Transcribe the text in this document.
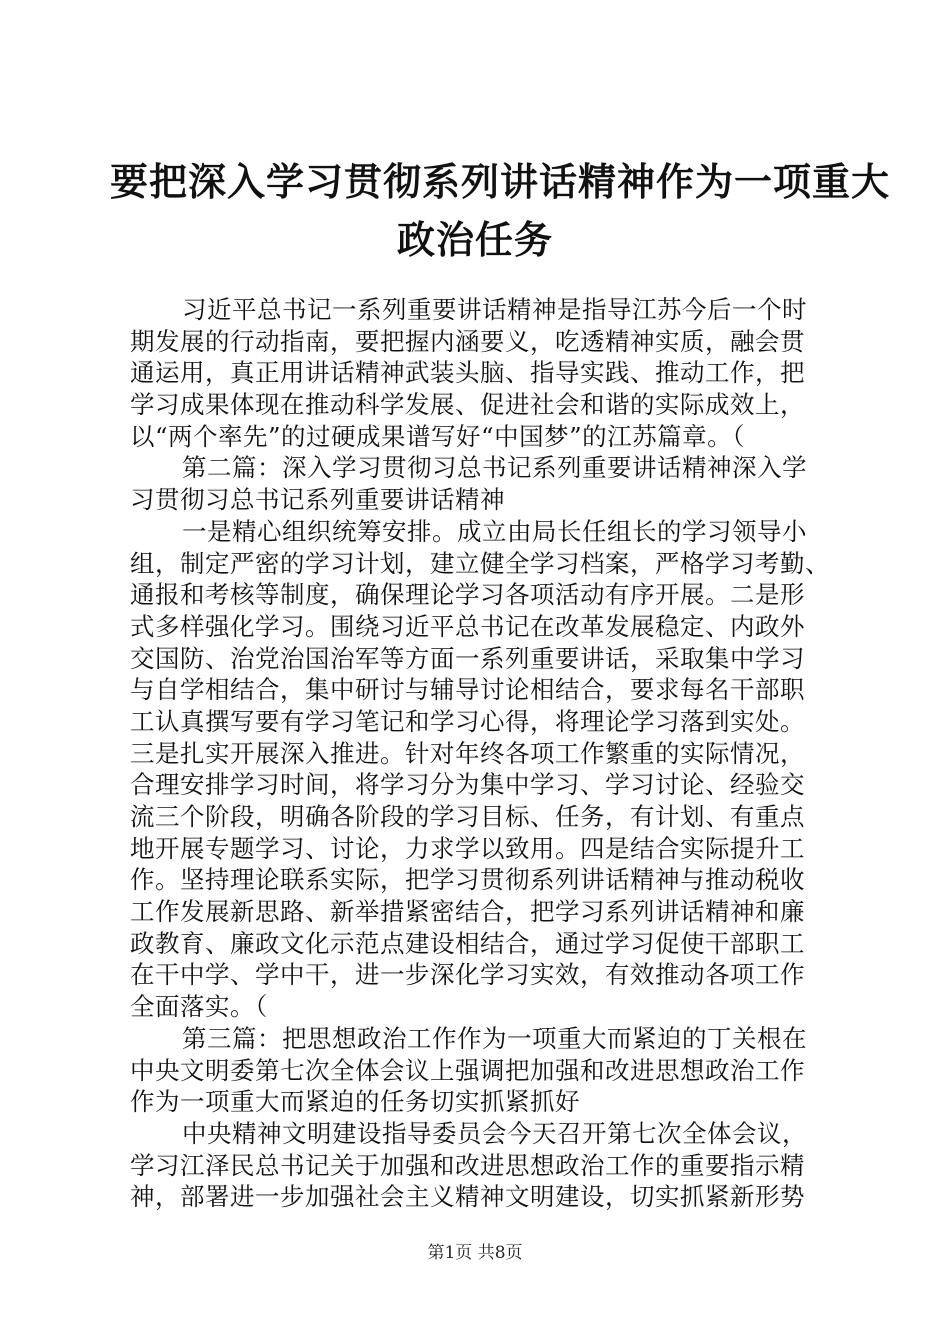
要把深入学习贯彻系列讲话精神作为一项重大
政治任务
习近平总书记一系列重要讲话精神是指导江苏今后一个时
期发展的行动指南，要把握内涵要义，吃透精神实质，融会贯
通运用，真正用讲话精神武装头脑、指导实践、推动工作，把
学习成果体现在推动科学发展、促进社会和谐的实际成效上，
以“两个率先”的过硬成果谱写好“中国梦”的江苏篇章。（
第二篇：深入学习贯彻习总书记系列重要讲话精神深入学
习贯彻习总书记系列重要讲话精神
一是精心组织统筹安排。成立由局长任组长的学习领导小
组，制定严密的学习计划，建立健全学习档案，严格学习考勤、
通报和考核等制度，确保理论学习各项活动有序开展。二是形
式多样强化学习。围绕习近平总书记在改革发展稳定、内政外
交国防、治党治国治军等方面一系列重要讲话，采取集中学习
与自学相结合，集中研讨与辅导讨论相结合，要求每名干部职
工认真撰写要有学习笔记和学习心得，将理论学习落到实处。
三是扎实开展深入推进。针对年终各项工作繁重的实际情况，
合理安排学习时间，将学习分为集中学习、学习讨论、经验交
流三个阶段，明确各阶段的学习目标、任务，有计划、有重点
地开展专题学习、讨论，力求学以致用。四是结合实际提升工
作。坚持理论联系实际，把学习贯彻系列讲话精神与推动税收
工作发展新思路、新举措紧密结合，把学习系列讲话精神和廉
政教育、廉政文化示范点建设相结合，通过学习促使干部职工
在干中学、学中干，进一步深化学习实效，有效推动各项工作
全面落实。（
第三篇：把思想政治工作作为一项重大而紧迫的丁关根在
中央文明委第七次全体会议上强调把加强和改进思想政治工作
作为一项重大而紧迫的任务切实抓紧抓好
中央精神文明建设指导委员会今天召开第七次全体会议，
学习江泽民总书记关于加强和改进思想政治工作的重要指示精
神，部署进一步加强社会主义精神文明建设，切实抓紧新形势
第1页 共8页
